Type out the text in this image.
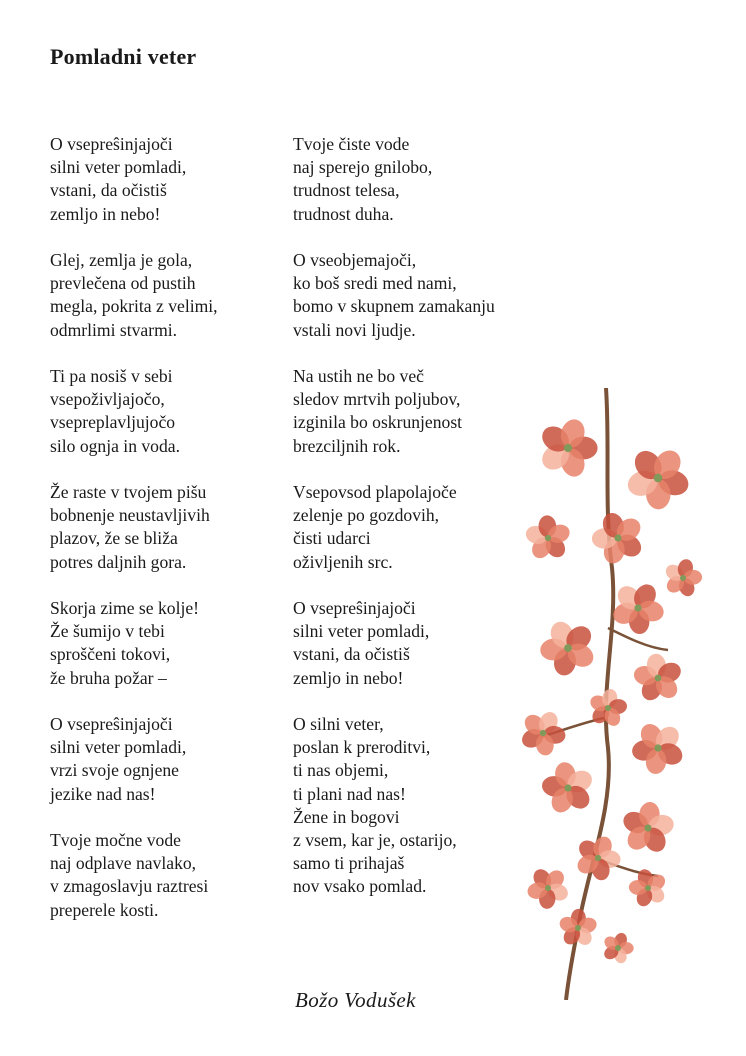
Pomladni veter

O vsepreŝinjajoči
silni veter pomladi,
vstani, da očistiš
zemljo in nebo!

Glej, zemlja je gola,
prevlečena od pustih
megla, pokrita z velimi,
odmrlimi stvarmi.

Ti pa nosiš v sebi
vsepoživljajočo,
vsepreplavljujočo
silo ognja in voda.

Že raste v tvojem pišu
bobnenje neustavljivih
plazov, že se bliža
potres daljnih gora.

Skorja zime se kolje!
Že šumijo v tebi
sproščeni tokovi,
že bruha požar –

O vsepreŝinjajoči
silni veter pomladi,
vrzi svoje ognjene
jezike nad nas!

Tvoje močne vode
naj odplave navlako,
v zmagoslavju raztresi
preperele kosti.

Tvoje čiste vode
naj sperejo gnilobo,
trudnost telesa,
trudnost duha.

O vseobjemajoči,
ko boš sredi med nami,
bomo v skupnem zamakanju
vstali novi ljudje.

Na ustih ne bo več
sledov mrtvih poljubov,
izginila bo oskrunjenost
brezciljnih rok.

Vsepovsod plapolajoče
zelenje po gozdovih,
čisti udarci
oživljenih src.

O vsepreŝinjajoči
silni veter pomladi,
vstani, da očistiš
zemljo in nebo!

O silni veter,
poslan k preroditvi,
ti nas objemi,
ti plani nad nas!
Žene in bogovi
z vsem, kar je, ostarijo,
samo ti prihajaš
nov vsako pomlad.

Božo Vodušek
